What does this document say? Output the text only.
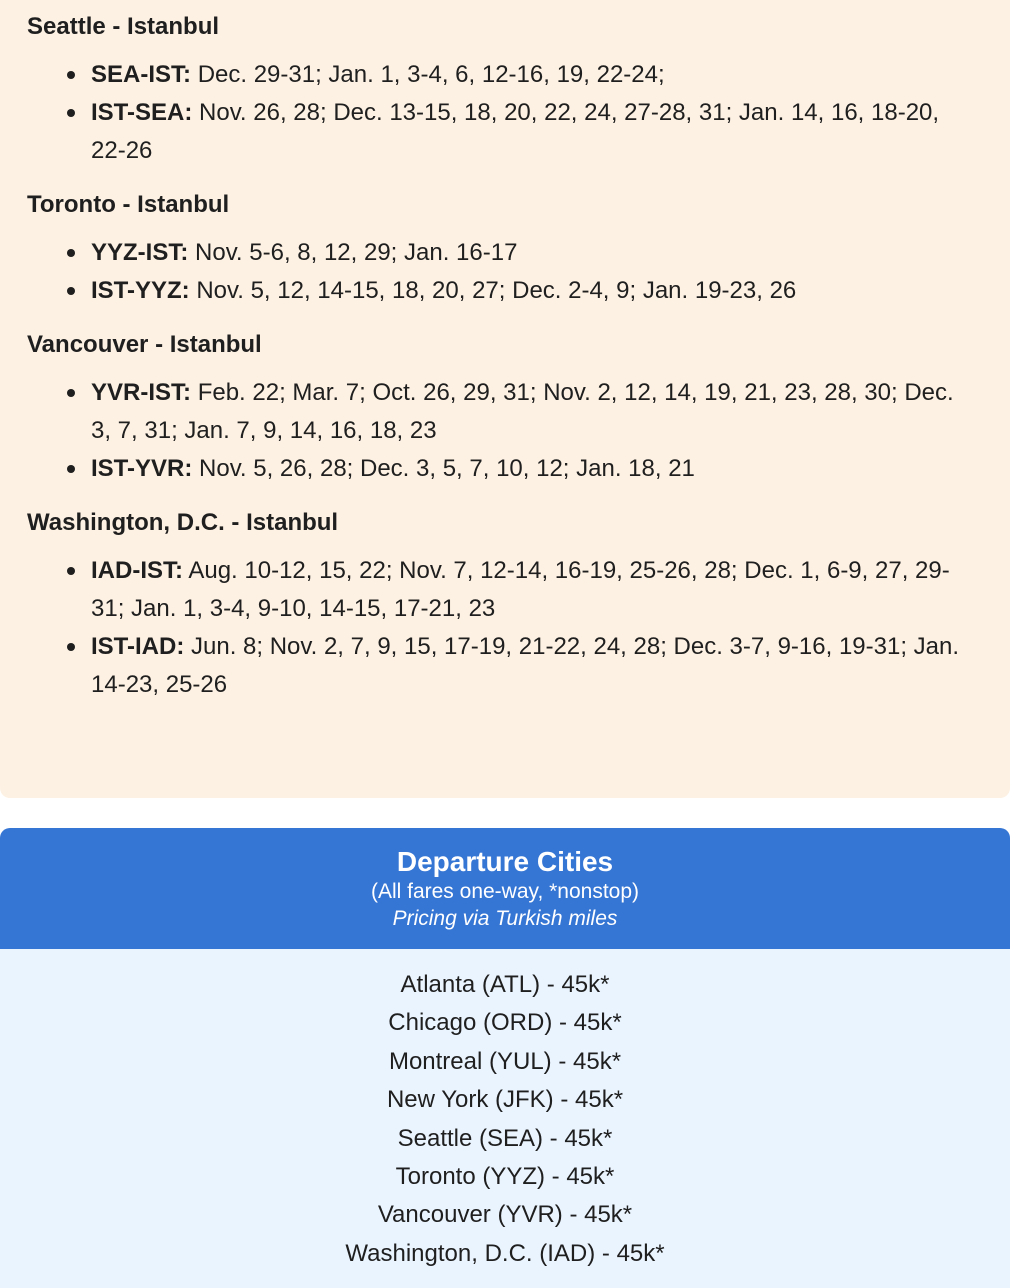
Seattle - Istanbul
SEA-IST: Dec. 29-31; Jan. 1, 3-4, 6, 12-16, 19, 22-24;
IST-SEA: Nov. 26, 28; Dec. 13-15, 18, 20, 22, 24, 27-28, 31; Jan. 14, 16, 18-20, 22-26
Toronto - Istanbul
YYZ-IST: Nov. 5-6, 8, 12, 29; Jan. 16-17
IST-YYZ: Nov. 5, 12, 14-15, 18, 20, 27; Dec. 2-4, 9; Jan. 19-23, 26
Vancouver - Istanbul
YVR-IST: Feb. 22; Mar. 7; Oct. 26, 29, 31; Nov. 2, 12, 14, 19, 21, 23, 28, 30; Dec. 3, 7, 31; Jan. 7, 9, 14, 16, 18, 23
IST-YVR: Nov. 5, 26, 28; Dec. 3, 5, 7, 10, 12; Jan. 18, 21
Washington, D.C. - Istanbul
IAD-IST: Aug. 10-12, 15, 22; Nov. 7, 12-14, 16-19, 25-26, 28; Dec. 1, 6-9, 27, 29-31; Jan. 1, 3-4, 9-10, 14-15, 17-21, 23
IST-IAD: Jun. 8; Nov. 2, 7, 9, 15, 17-19, 21-22, 24, 28; Dec. 3-7, 9-16, 19-31; Jan. 14-23, 25-26
Departure Cities
(All fares one-way, *nonstop)
Pricing via Turkish miles
Atlanta (ATL) - 45k*
Chicago (ORD) - 45k*
Montreal (YUL) - 45k*
New York (JFK) - 45k*
Seattle (SEA) - 45k*
Toronto (YYZ) - 45k*
Vancouver (YVR) - 45k*
Washington, D.C. (IAD) - 45k*
